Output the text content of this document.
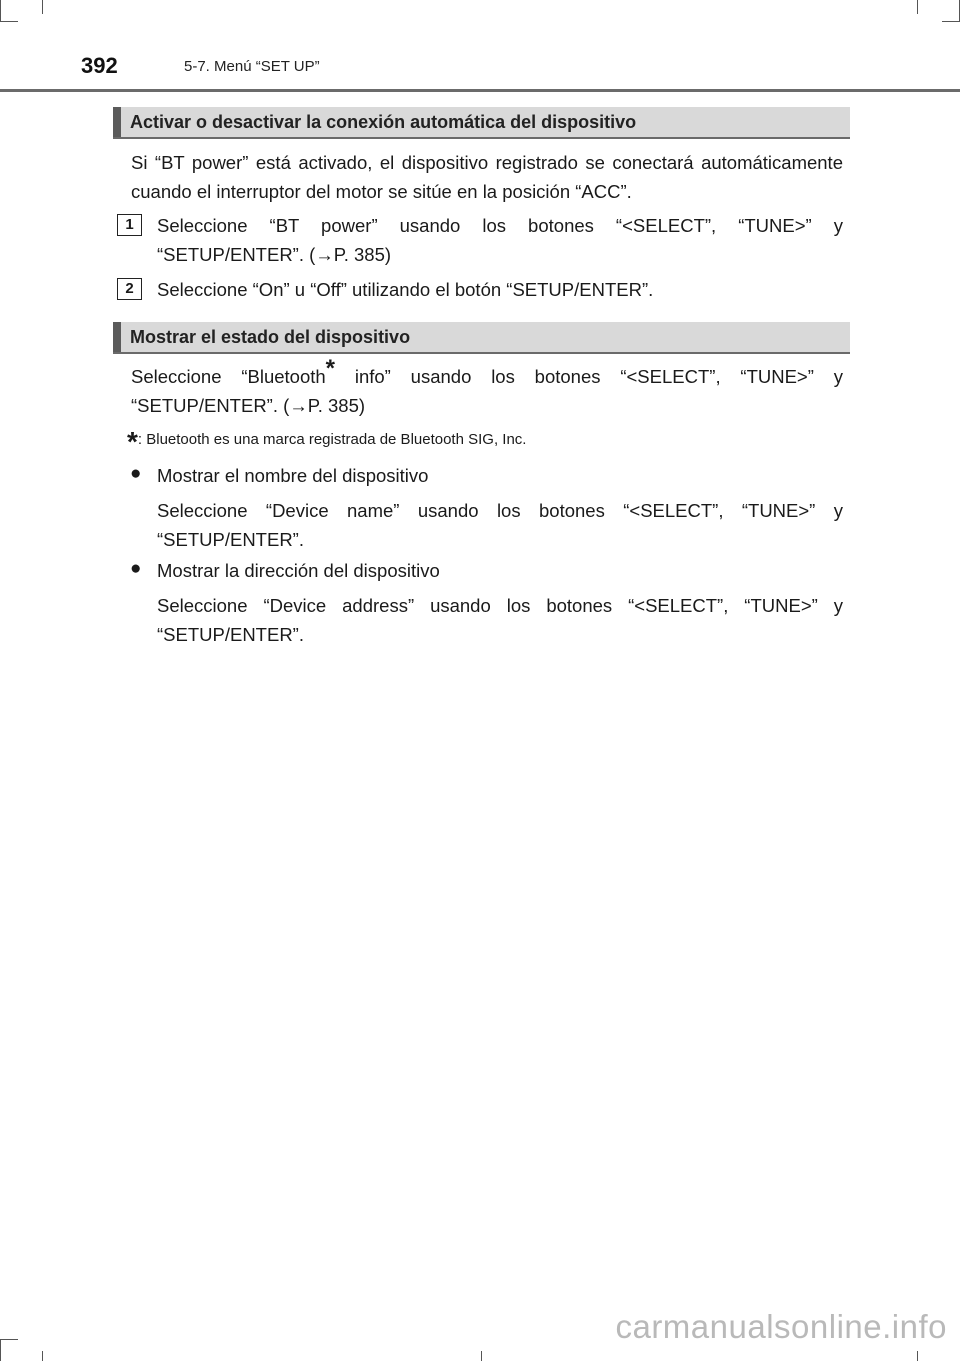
392	5-7. Menú “SET UP”
Activar o desactivar la conexión automática del dispositivo
Si “BT power” está activado, el dispositivo registrado se conectará automáticamente cuando el interruptor del motor se sitúe en la posición “ACC”.
1	Seleccione “BT power” usando los botones “<SELECT”, “TUNE>” y “SETUP/ENTER”. (→P. 385)
2	Seleccione “On” u “Off” utilizando el botón “SETUP/ENTER”.
Mostrar el estado del dispositivo
Seleccione “Bluetooth* info” usando los botones “<SELECT”, “TUNE>” y “SETUP/ENTER”. (→P. 385)
*: Bluetooth es una marca registrada de Bluetooth SIG, Inc.
● Mostrar el nombre del dispositivo
Seleccione “Device name” usando los botones “<SELECT”, “TUNE>” y “SETUP/ENTER”.
● Mostrar la dirección del dispositivo
Seleccione “Device address” usando los botones “<SELECT”, “TUNE>” y “SETUP/ENTER”.
carmanualsonline.info
